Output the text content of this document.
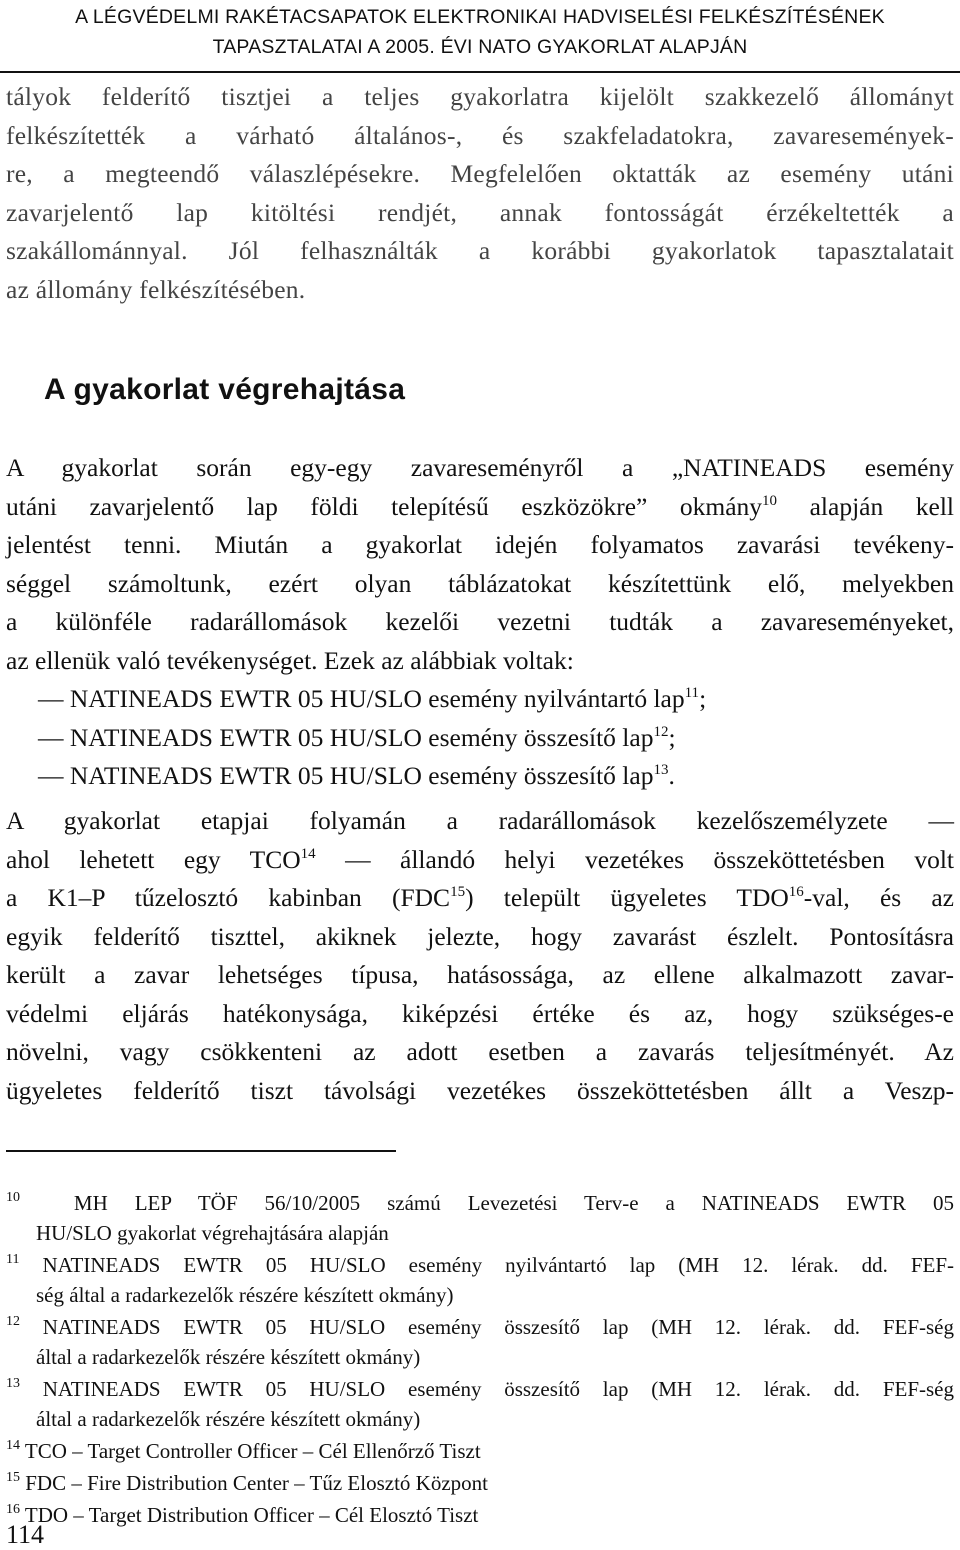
A LÉGVÉDELMI RAKÉTACSAPATOK ELEKTRONIKAI HADVISELÉSI FELKÉSZÍTÉSÉNEK
TAPASZTALATAI A 2005. ÉVI NATO GYAKORLAT ALAPJÁN
tályok felderítő tisztjei a teljes gyakorlatra kijelölt szakkezelő állományt
felkészítették a várható általános-, és szakfeladatokra, zavaresemények-
re, a megteendő válaszlépésekre. Megfelelően oktatták az esemény utáni
zavarjelentő lap kitöltési rendjét, annak fontosságát érzékeltették a
szakállománnyal. Jól felhasználták a korábbi gyakorlatok tapasztalatait
az állomány felkészítésében.
A gyakorlat végrehajtása
A gyakorlat során egy-egy zavareseményről a „NATINEADS esemény
utáni zavarjelentő lap földi telepítésű eszközökre” okmány$^{10}$ alapján kell
jelentést tenni. Miután a gyakorlat idején folyamatos zavarási tevékeny-
séggel számoltunk, ezért olyan táblázatokat készítettünk elő, melyekben
a különféle radarállomások kezelői vezetni tudták a zavareseményeket,
az ellenük való tevékenységet. Ezek az alábbiak voltak:
― NATINEADS EWTR 05 HU/SLO esemény nyilvántartó lap$^{11}$;
― NATINEADS EWTR 05 HU/SLO esemény összesítő lap$^{12}$;
― NATINEADS EWTR 05 HU/SLO esemény összesítő lap$^{13}$.
A gyakorlat etapjai folyamán a radarállomások kezelőszemélyzete ―
ahol lehetett egy TCO$^{14}$ ― állandó helyi vezetékes összeköttetésben volt
a K1–P tűzelosztó kabinban (FDC$^{15}$) települt ügyeletes TDO$^{16}$-val, és az
egyik felderítő tiszttel, akiknek jelezte, hogy zavarást észlelt. Pontosításra
került a zavar lehetséges típusa, hatásossága, az ellene alkalmazott zavar-
védelmi eljárás hatékonysága, kiképzési értéke és az, hogy szükséges-e
növelni, vagy csökkenteni az adott esetben a zavarás teljesítményét. Az
ügyeletes felderítő tiszt távolsági vezetékes összeköttetésben állt a Veszp-
$^{10}$	MH LEP TÖF 56/10/2005 számú Levezetési Terv-e a NATINEADS EWTR 05
HU/SLO gyakorlat végrehajtására alapján
$^{11}$ NATINEADS EWTR 05 HU/SLO esemény nyilvántartó lap (MH 12. lérak. dd. FEF-
ség által a radarkezelők részére készített okmány)
$^{12}$ NATINEADS EWTR 05 HU/SLO esemény összesítő lap (MH 12. lérak. dd. FEF-ség
által a radarkezelők részére készített okmány)
$^{13}$ NATINEADS EWTR 05 HU/SLO esemény összesítő lap (MH 12. lérak. dd. FEF-ség
által a radarkezelők részére készített okmány)
$^{14}$ TCO – Target Controller Officer – Cél Ellenőrző Tiszt
$^{15}$ FDC – Fire Distribution Center – Tűz Elosztó Központ
$^{16}$ TDO – Target Distribution Officer – Cél Elosztó Tiszt
114
